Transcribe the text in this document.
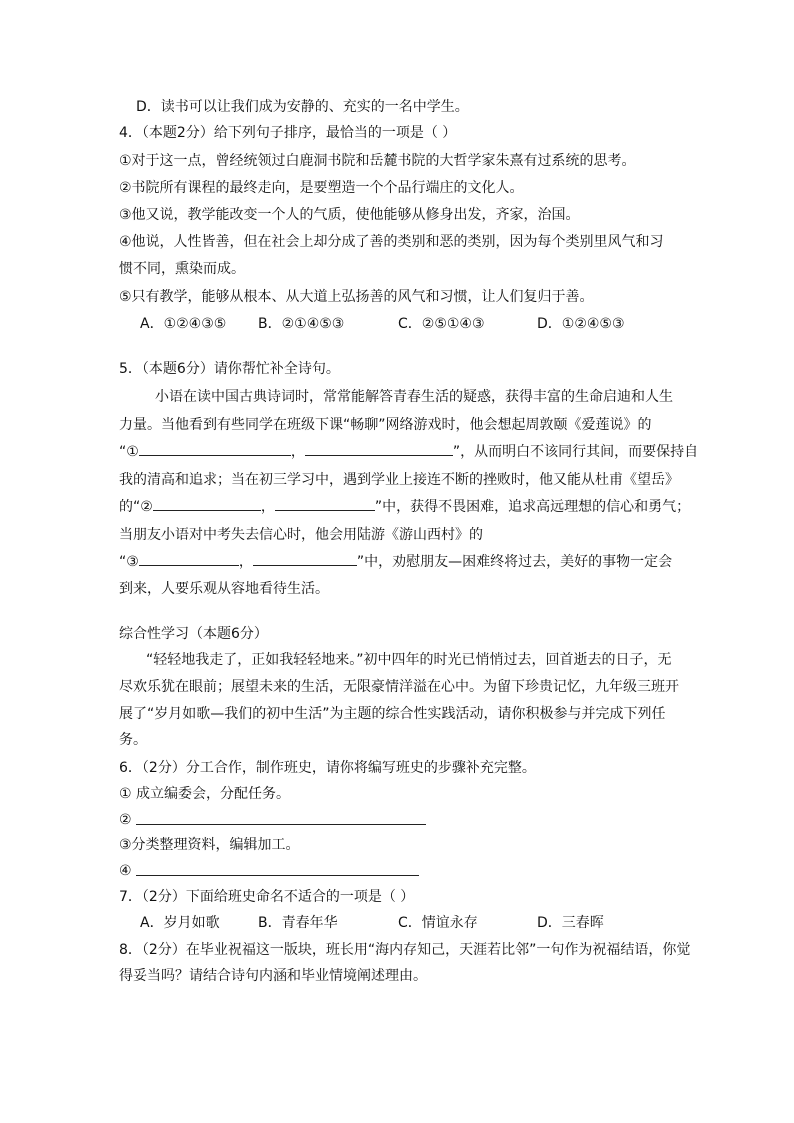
D．读书可以让我们成为安静的、充实的一名中学生。
4．（本题2分）给下列句子排序，最恰当的一项是（ ）
①对于这一点，曾经统领过白鹿洞书院和岳麓书院的大哲学家朱熹有过系统的思考。
②书院所有课程的最终走向，是要塑造一个个品行端庄的文化人。
③他又说，教学能改变一个人的气质，使他能够从修身出发，齐家，治国。
④他说，人性皆善，但在社会上却分成了善的类别和恶的类别，因为每个类别里风气和习
惯不同，熏染而成。
⑤只有教学，能够从根本、从大道上弘扬善的风气和习惯，让人们复归于善。
A．①②④③⑤ B．②①④⑤③	C．②⑤①④③	D．①②④⑤③
5．（本题6分）请你帮忙补全诗句。
小语在读中国古典诗词时，常常能解答青春生活的疑惑，获得丰富的生命启迪和人生
力量。当他看到有些同学在班级下课“畅聊”网络游戏时，他会想起周敦颐《爱莲说》的
“①	，	”，从而明白不该同行其间，而要保持自
我的清高和追求；当在初三学习中，遇到学业上接连不断的挫败时，他又能从杜甫《望岳》
的“②	，	”中，获得不畏困难，追求高远理想的信心和勇气；
当朋友小语对中考失去信心时，他会用陆游《游山西村》的
“③	，	”中，劝慰朋友—困难终将过去，美好的事物一定会
到来，人要乐观从容地看待生活。
综合性学习（本题6分）
“轻轻地我走了，正如我轻轻地来。”初中四年的时光已悄悄过去，回首逝去的日子，无
尽欢乐犹在眼前；展望未来的生活，无限豪情洋溢在心中。为留下珍贵记忆，九年级三班开
展了“岁月如歌—我们的初中生活”为主题的综合性实践活动，请你积极参与并完成下列任
务。
6．（2分）分工合作，制作班史，请你将编写班史的步骤补充完整。
① 成立编委会，分配任务。
②
③分类整理资料，编辑加工。
④
7．（2分）下面给班史命名不适合的一项是（ ）
A．岁月如歌	B．青春年华	C．情谊永存	D．三春晖
8．（2分）在毕业祝福这一版块，班长用“海内存知己，天涯若比邻”一句作为祝福结语，你觉
得妥当吗？请结合诗句内涵和毕业情境阐述理由。
